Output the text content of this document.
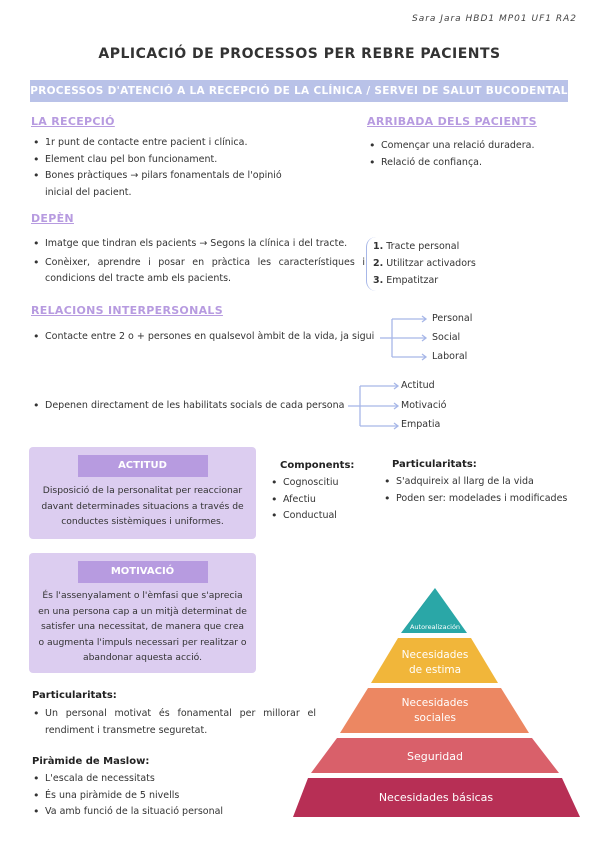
Sara Jara HBD1 MP01 UF1 RA2
APLICACIÓ DE PROCESSOS PER REBRE PACIENTS
PROCESSOS D'ATENCIÓ A LA RECEPCIÓ DE LA CLÍNICA / SERVEI DE SALUT BUCODENTAL
LA RECEPCIÓ
• 1r punt de contacte entre pacient i clínica.
• Element clau pel bon funcionament.
• Bones pràctiques → pilars fonamentals de l'opinió inicial del pacient.
ARRIBADA DELS PACIENTS
• Començar una relació duradera.
• Relació de confiança.
DEPÈN
• Imatge que tindran els pacients → Segons la clínica i del tracte.
• Conèixer, aprendre i posar en pràctica les característiques i condicions del tracte amb els pacients.
1. Tracte personal
2. Utilitzar activadors
3. Empatitzar
RELACIONS INTERPERSONALS
• Contacte entre 2 o + persones en qualsevol àmbit de la vida, ja sigui
Personal
Social
Laboral
• Depenen directament de les habilitats socials de cada persona
Actitud
Motivació
Empatia
ACTITUD
Disposició de la personalitat per reaccionar davant determinades situacions a través de conductes sistèmiques i uniformes.
Components:
• Cognoscitiu
• Afectiu
• Conductual
Particularitats:
• S'adquireix al llarg de la vida
• Poden ser: modelades i modificades
MOTIVACIÓ
És l'assenyalament o l'èmfasi que s'aprecia en una persona cap a un mitjà determinat de satisfer una necessitat, de manera que crea o augmenta l'impuls necessari per realitzar o abandonar aquesta acció.
Particularitats:
• Un personal motivat és fonamental per millorar el rendiment i transmetre seguretat.
Piràmide de Maslow:
• L'escala de necessitats
• És una piràmide de 5 nivells
• Va amb funció de la situació personal
Autorealización
Necesidades
de estima
Necesidades
sociales
Seguridad
Necesidades básicas
